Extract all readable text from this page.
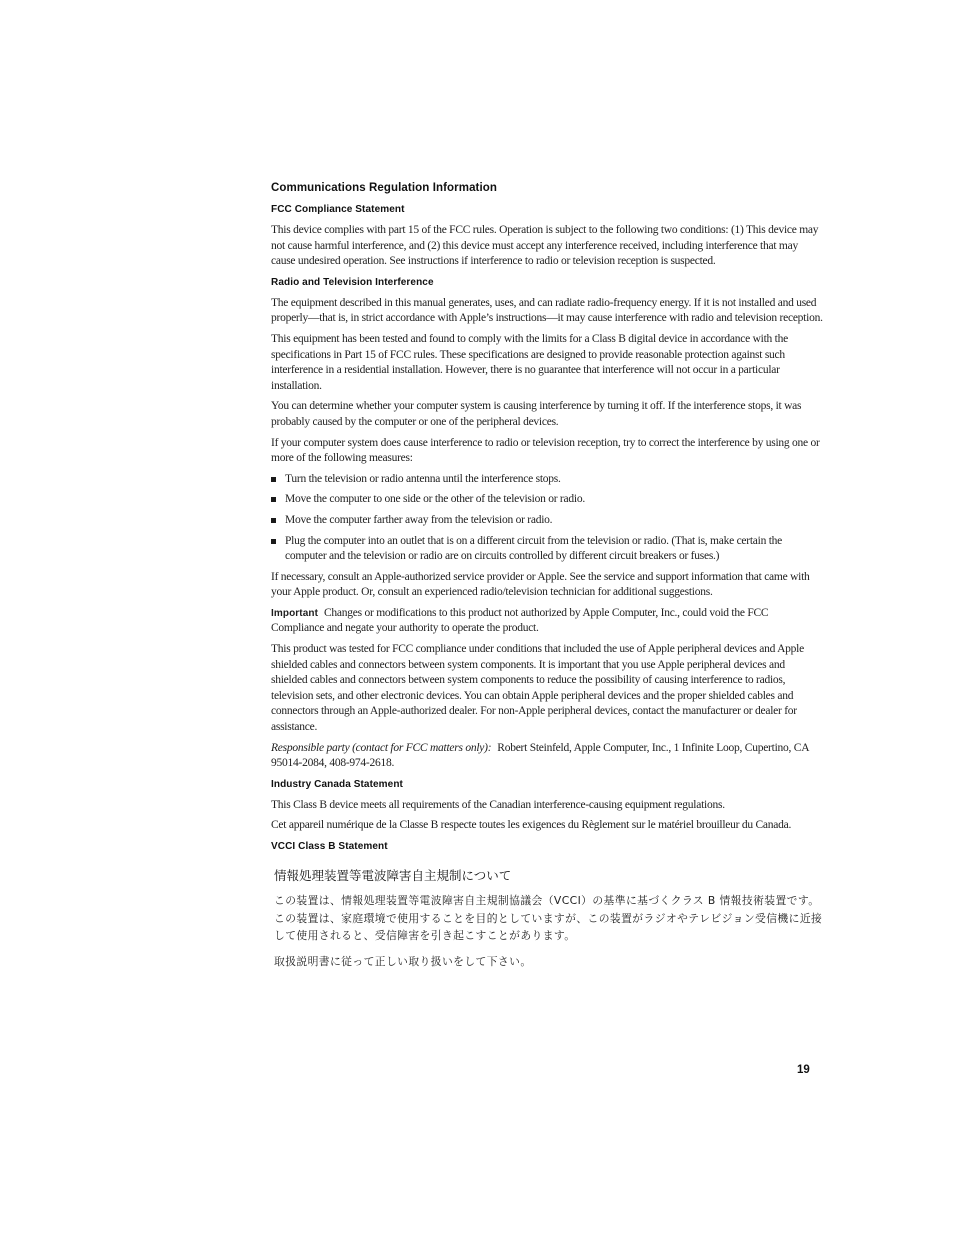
Communications Regulation Information
FCC Compliance Statement

This device complies with part 15 of the FCC rules. Operation is subject to the following two conditions: (1) This device may not cause harmful interference, and (2) this device must accept any interference received, including interference that may cause undesired operation. See instructions if interference to radio or television reception is suspected.

Radio and Television Interference

The equipment described in this manual generates, uses, and can radiate radio-frequency energy. If it is not installed and used properly—that is, in strict accordance with Apple’s instructions—it may cause interference with radio and television reception.

This equipment has been tested and found to comply with the limits for a Class B digital device in accordance with the specifications in Part 15 of FCC rules. These specifications are designed to provide reasonable protection against such interference in a residential installation. However, there is no guarantee that interference will not occur in a particular installation.

You can determine whether your computer system is causing interference by turning it off. If the interference stops, it was probably caused by the computer or one of the peripheral devices.

If your computer system does cause interference to radio or television reception, try to correct the interference by using one or more of the following measures:

Turn the television or radio antenna until the interference stops.
Move the computer to one side or the other of the television or radio.
Move the computer farther away from the television or radio.
Plug the computer into an outlet that is on a different circuit from the television or radio. (That is, make certain the computer and the television or radio are on circuits controlled by different circuit breakers or fuses.)

If necessary, consult an Apple-authorized service provider or Apple. See the service and support information that came with your Apple product. Or, consult an experienced radio/television technician for additional suggestions.

Important Changes or modifications to this product not authorized by Apple Computer, Inc., could void the FCC Compliance and negate your authority to operate the product.

This product was tested for FCC compliance under conditions that included the use of Apple peripheral devices and Apple shielded cables and connectors between system components. It is important that you use Apple peripheral devices and shielded cables and connectors between system components to reduce the possibility of causing interference to radios, television sets, and other electronic devices. You can obtain Apple peripheral devices and the proper shielded cables and connectors through an Apple-authorized dealer. For non-Apple peripheral devices, contact the manufacturer or dealer for assistance.

Responsible party (contact for FCC matters only): Robert Steinfeld, Apple Computer, Inc., 1 Infinite Loop, Cupertino, CA 95014-2084, 408-974-2618.

Industry Canada Statement

This Class B device meets all requirements of the Canadian interference-causing equipment regulations.

Cet appareil numérique de la Classe B respecte toutes les exigences du Règlement sur le matériel brouilleur du Canada.

VCCI Class B Statement
情報処理装置等電波障害自主規制について
この装置は、情報処理装置等電波障害自主規制協議会（VCCI）の基準に基づくクラス B 情報技術装置です。この装置は、家庭環境で使用することを目的としていますが、この装置がラジオやテレビジョン受信機に近接して使用されると、受信障害を引き起こすことがあります。
取扱説明書に従って正しい取り扱いをして下さい。
19
